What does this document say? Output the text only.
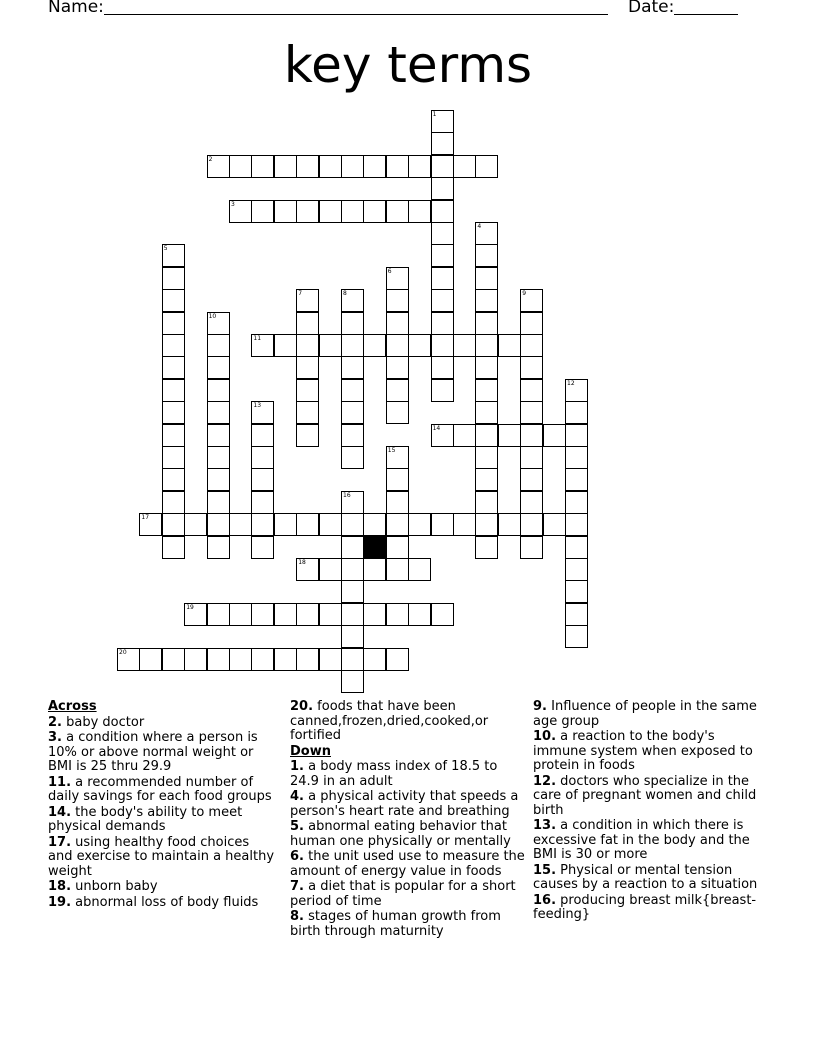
Name:	Date:
key terms
1
2
3
4
5
6
7	8	9
10
11
12
13
14
15
16
17
18
19
20
Across
2. baby doctor
3. a condition where a person is 10% or above normal weight or BMI is 25 thru 29.9
11. a recommended number of daily savings for each food groups
14. the body's ability to meet physical demands
17. using healthy food choices and exercise to maintain a healthy weight
18. unborn baby
19. abnormal loss of body fluids
20. foods that have been canned,frozen,dried,cooked,or fortified
Down
1. a body mass index of 18.5 to 24.9 in an adult
4. a physical activity that speeds a person's heart rate and breathing
5. abnormal eating behavior that human one physically or mentally
6. the unit used use to measure the amount of energy value in foods
7. a diet that is popular for a short period of time
8. stages of human growth from birth through maturnity
9. Influence of people in the same age group
10. a reaction to the body's immune system when exposed to protein in foods
12. doctors who specialize in the care of pregnant women and child birth
13. a condition in which there is excessive fat in the body and the BMI is 30 or more
15. Physical or mental tension causes by a reaction to a situation
16. producing breast milk{breast-feeding}
